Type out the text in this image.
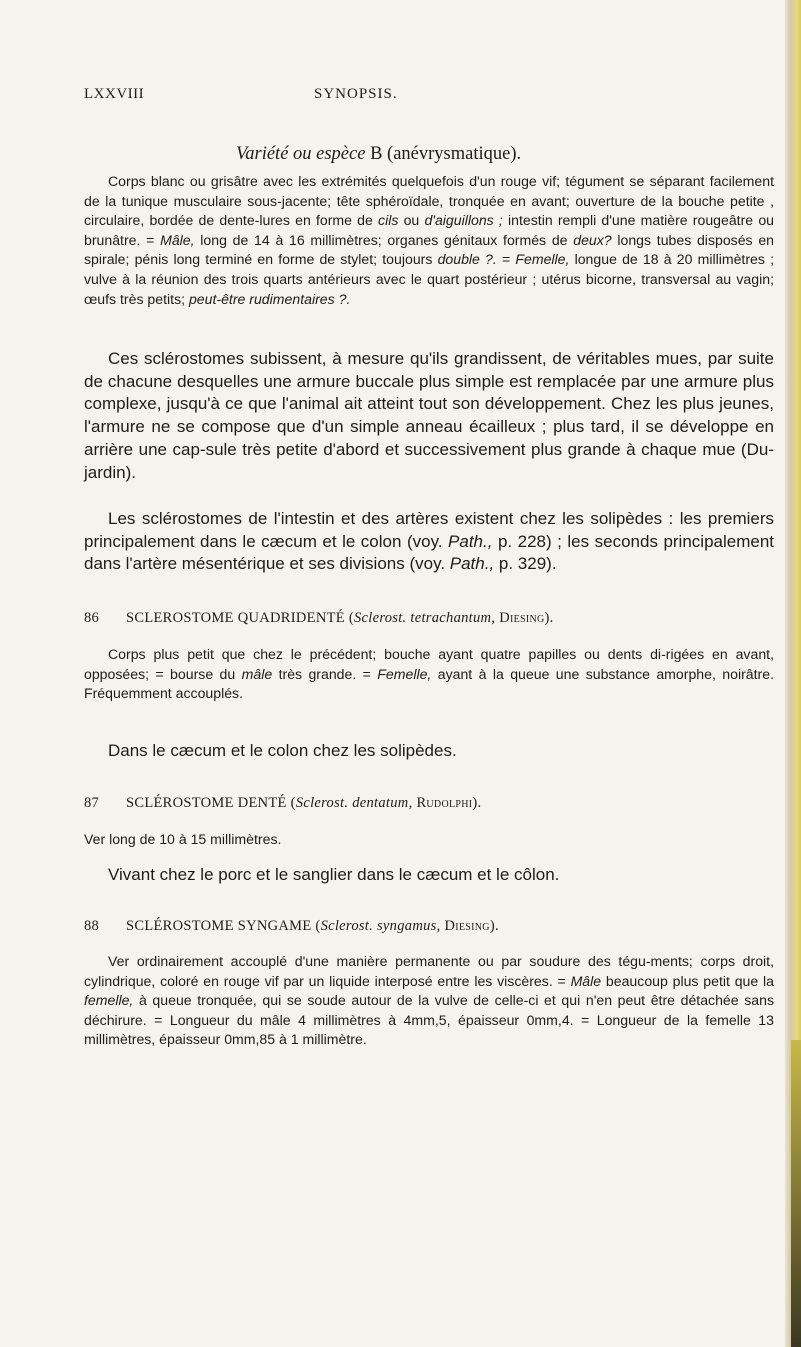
LXXVIII	SYNOPSIS.
Variété ou espèce B (anévrysmatique).

Corps blanc ou grisâtre avec les extrémités quelquefois d'un rouge vif; tégument se séparant facilement de la tunique musculaire sous-jacente; tête sphéroïdale, tronquée en avant; ouverture de la bouche petite , circulaire, bordée de dente-lures en forme de cils ou d'aiguillons ; intestin rempli d'une matière rougeâtre ou brunâtre. = Mâle, long de 14 à 16 millimètres; organes génitaux formés de deux? longs tubes disposés en spirale; pénis long terminé en forme de stylet; toujours double ?. = Femelle, longue de 18 à 20 millimètres ; vulve à la réunion des trois quarts antérieurs avec le quart postérieur ; utérus bicorne, transversal au vagin; œufs très petits; peut-être rudimentaires ?.

Ces sclérostomes subissent, à mesure qu'ils grandissent, de véritables mues, par suite de chacune desquelles une armure buccale plus simple est remplacée par une armure plus complexe, jusqu'à ce que l'animal ait atteint tout son développement. Chez les plus jeunes, l'armure ne se compose que d'un simple anneau écailleux ; plus tard, il se développe en arrière une cap-sule très petite d'abord et successivement plus grande à chaque mue (Du-jardin).

Les sclérostomes de l'intestin et des artères existent chez les solipèdes : les premiers principalement dans le cæcum et le colon (voy. Path., p. 228) ; les seconds principalement dans l'artère mésentérique et ses divisions (voy. Path., p. 329).

86 SCLEROSTOME QUADRIDENTÉ (Sclerost. tetrachantum, Diesing).

Corps plus petit que chez le précédent; bouche ayant quatre papilles ou dents di-rigées en avant, opposées; = bourse du mâle très grande. = Femelle, ayant à la queue une substance amorphe, noirâtre. Fréquemment accouplés.

Dans le cæcum et le colon chez les solipèdes.

87 SCLÉROSTOME DENTÉ (Sclerost. dentatum, Rudolphi).

Ver long de 10 à 15 millimètres.

Vivant chez le porc et le sanglier dans le cæcum et le côlon.

88 SCLÉROSTOME SYNGAME (Sclerost. syngamus, Diesing).

Ver ordinairement accouplé d'une manière permanente ou par soudure des tégu-ments; corps droit, cylindrique, coloré en rouge vif par un liquide interposé entre les viscères. = Mâle beaucoup plus petit que la femelle, à queue tronquée, qui se soude autour de la vulve de celle-ci et qui n'en peut être détachée sans déchirure. = Longueur du mâle 4 millimètres à 4mm,5, épaisseur 0mm,4. = Longueur de la femelle 13 millimètres, épaisseur 0mm,85 à 1 millimètre.
